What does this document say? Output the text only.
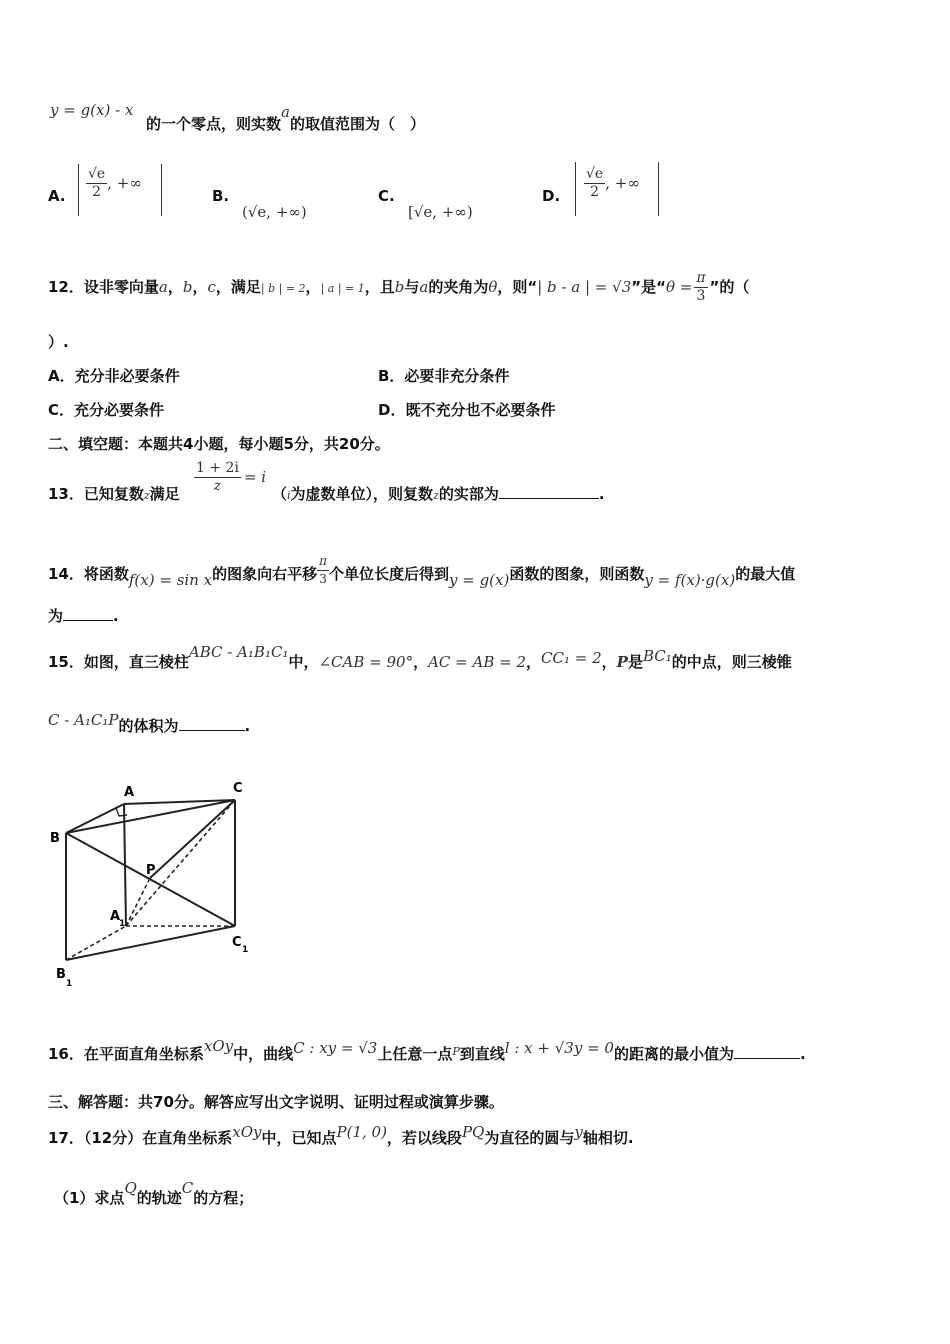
y = g(x) - x
的一个零点，则实数a的取值范围为（　）
A. $\frac{√e}{2}$ , +∞
B.
(√e, +∞)
C.
[√e, +∞)
D. $\frac{√e}{2}$ , +∞
12．设非零向量a，b，c，满足| b | = 2，| a | = 1，且b与a的夹角为θ，则“| b - a | = √3”是“$\theta = \frac{\pi}{3}$ ”的（
）.
A．充分非必要条件	B．必要非充分条件
C．充分必要条件	D．既不充分也不必要条件
二、填空题：本题共4小题，每小题5分，共20分。
13．已知复数z满足 $\frac{1 + 2i}{z} = i$
（i为虚数单位），则复数z的实部为	.
14．将函数f(x) = sin x的图象向右平移 $\frac{\pi}{3}$ 个单位长度后得到y = g(x)函数的图象，则函数y = f(x)·g(x)的最大值
为	.
15．如图，直三棱柱ABC - A₁B₁C₁中，∠CAB = 90°，AC = AB = 2，CC₁ = 2，P是BC₁的中点，则三棱锥
C - A₁C₁P的体积为	.
A	C
B
P
A
1
C 1
B
1
16．在平面直角坐标系xOy中，曲线C : xy = √3上任意一点$^P$到直线l : x + √3y = 0的距离的最小值为	.
三、解答题：共70分。解答应写出文字说明、证明过程或演算步骤。
17．（12分）在直角坐标系xOy中，已知点P(1, 0)，若以线段PQ为直径的圆与y轴相切.
（1）求点Q的轨迹C的方程；
